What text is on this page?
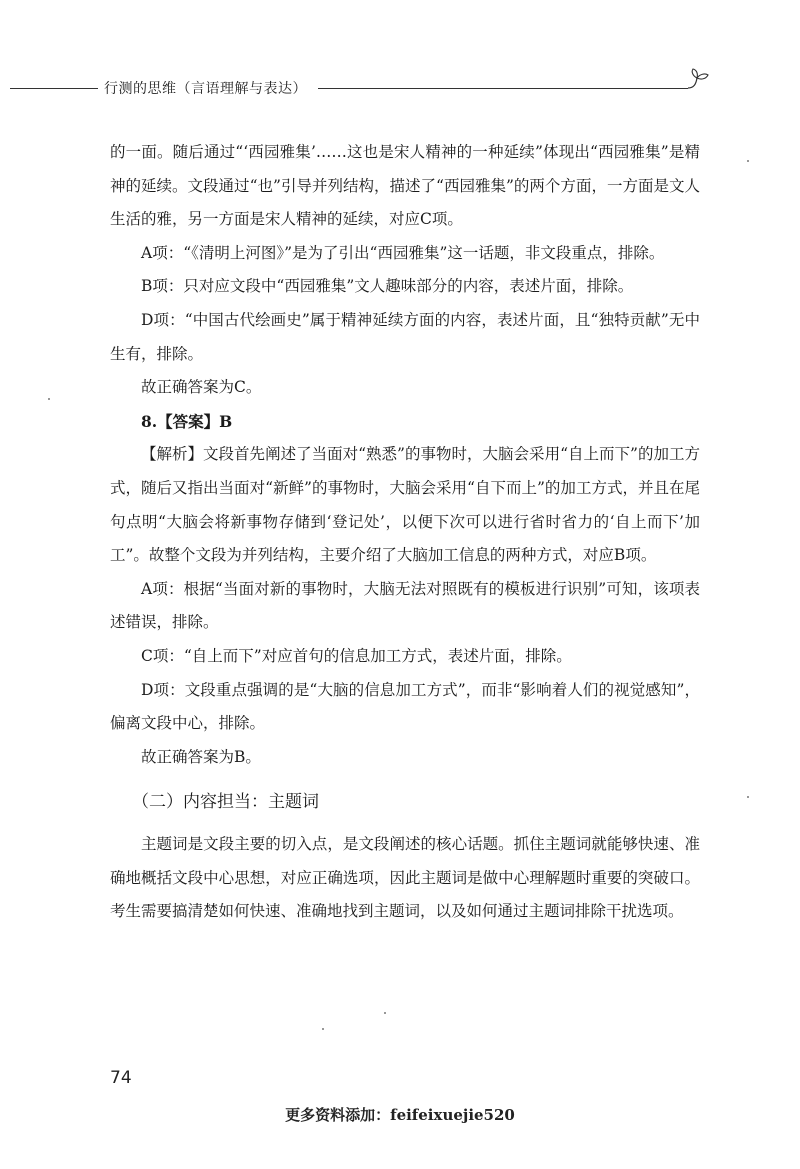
行测的思维（言语理解与表达）

的一面。随后通过“‘西园雅集’……这也是宋人精神的一种延续”体现出“西园雅集”是精神的延续。文段通过“也”引导并列结构，描述了“西园雅集”的两个方面，一方面是文人生活的雅，另一方面是宋人精神的延续，对应C项。

A项：“《清明上河图》”是为了引出“西园雅集”这一话题，非文段重点，排除。

B项：只对应文段中“西园雅集”文人趣味部分的内容，表述片面，排除。

D项：“中国古代绘画史”属于精神延续方面的内容，表述片面，且“独特贡献”无中生有，排除。

故正确答案为C。

8.【答案】B

【解析】文段首先阐述了当面对“熟悉”的事物时，大脑会采用“自上而下”的加工方式，随后又指出当面对“新鲜”的事物时，大脑会采用“自下而上”的加工方式，并且在尾句点明“大脑会将新事物存储到‘登记处’，以便下次可以进行省时省力的‘自上而下’加工”。故整个文段为并列结构，主要介绍了大脑加工信息的两种方式，对应B项。

A项：根据“当面对新的事物时，大脑无法对照既有的模板进行识别”可知，该项表述错误，排除。

C项：“自上而下”对应首句的信息加工方式，表述片面，排除。

D项：文段重点强调的是“大脑的信息加工方式”，而非“影响着人们的视觉感知”，偏离文段中心，排除。

故正确答案为B。

（二）内容担当：主题词

主题词是文段主要的切入点，是文段阐述的核心话题。抓住主题词就能够快速、准确地概括文段中心思想，对应正确选项，因此主题词是做中心理解题时重要的突破口。考生需要搞清楚如何快速、准确地找到主题词，以及如何通过主题词排除干扰选项。

74
更多资料添加：feifeixuejie520
